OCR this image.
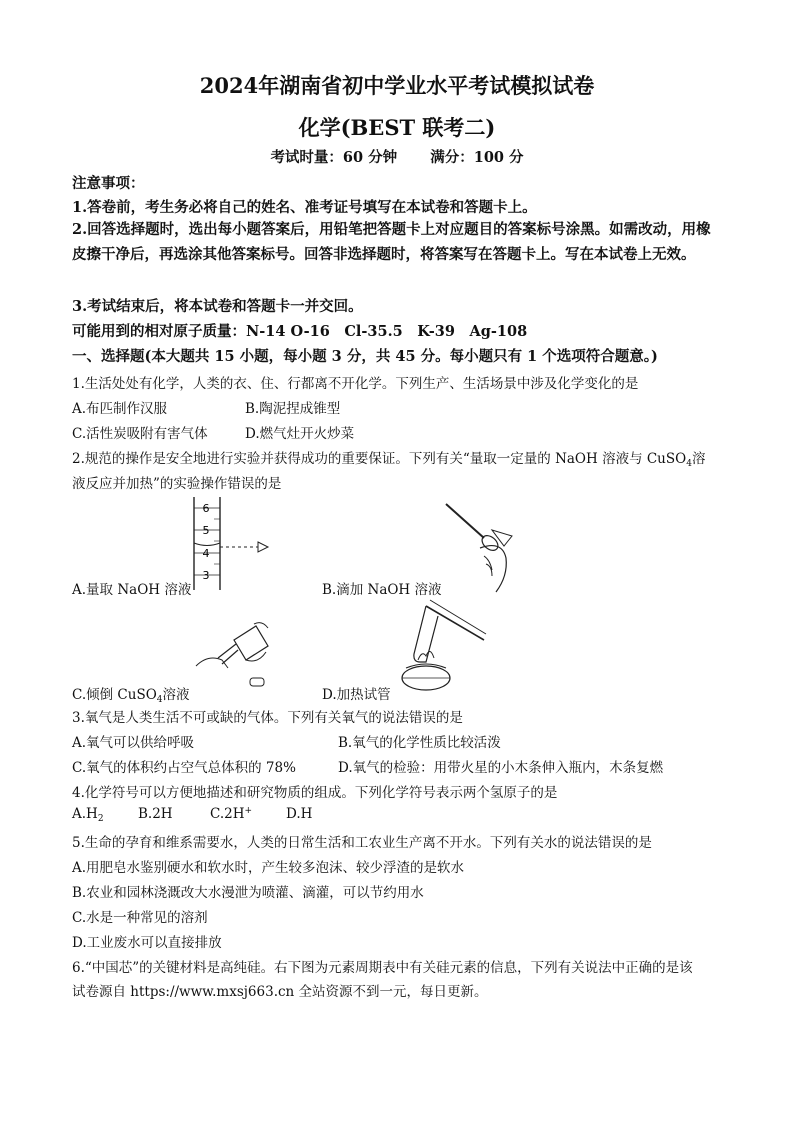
2024年湖南省初中学业水平考试模拟试卷
化学(BEST 联考二)
考试时量：60 分钟 满分：100 分
注意事项：
1.答卷前，考生务必将自己的姓名、准考证号填写在本试卷和答题卡上。
2.回答选择题时，选出每小题答案后，用铅笔把答题卡上对应题目的答案标号涂黑。如需改动，用橡皮擦干净后，再选涂其他答案标号。回答非选择题时，将答案写在答题卡上。写在本试卷上无效。
3.考试结束后，将本试卷和答题卡一并交回。
可能用到的相对原子质量：N-14 O-16　Cl-35.5　K-39　Ag-108
一、选择题(本大题共 15 小题，每小题 3 分，共 45 分。每小题只有 1 个选项符合题意。)
1.生活处处有化学，人类的衣、住、行都离不开化学。下列生产、生活场景中涉及化学变化的是
A.布匹制作汉服	B.陶泥捏成锥型
C.活性炭吸附有害气体	D.燃气灶开火炒菜
2.规范的操作是安全地进行实验并获得成功的重要保证。下列有关“量取一定量的 NaOH 溶液与 CuSO$_4$溶
液反应并加热”的实验操作错误的是
6
5
4
3
A.量取 NaOH 溶液	B.滴加 NaOH 溶液
C.倾倒 CuSO$_4$溶液	D.加热试管
3.氧气是人类生活不可或缺的气体。下列有关氧气的说法错误的是
A.氧气可以供给呼吸	B.氧气的化学性质比较活泼
C.氧气的体积约占空气总体积的 78%	D.氧气的检验：用带火星的小木条伸入瓶内，木条复燃
4.化学符号可以方便地描述和研究物质的组成。下列化学符号表示两个氢原子的是
$A.H_2$	B.2H	C.2H+	D.H
5.生命的孕育和维系需要水，人类的日常生活和工农业生产离不开水。下列有关水的说法错误的是
A.用肥皂水鉴别硬水和软水时，产生较多泡沫、较少浮渣的是软水
B.农业和园林浇溉改大水漫泄为喷灌、滴灌，可以节约用水
C.水是一种常见的溶剂
D.工业废水可以直接排放
6.“中国芯”的关键材料是高纯硅。右下图为元素周期表中有关硅元素的信息，下列有关说法中正确的是该
试卷源自 https://www.mxsj663.cn 全站资源不到一元，每日更新。
